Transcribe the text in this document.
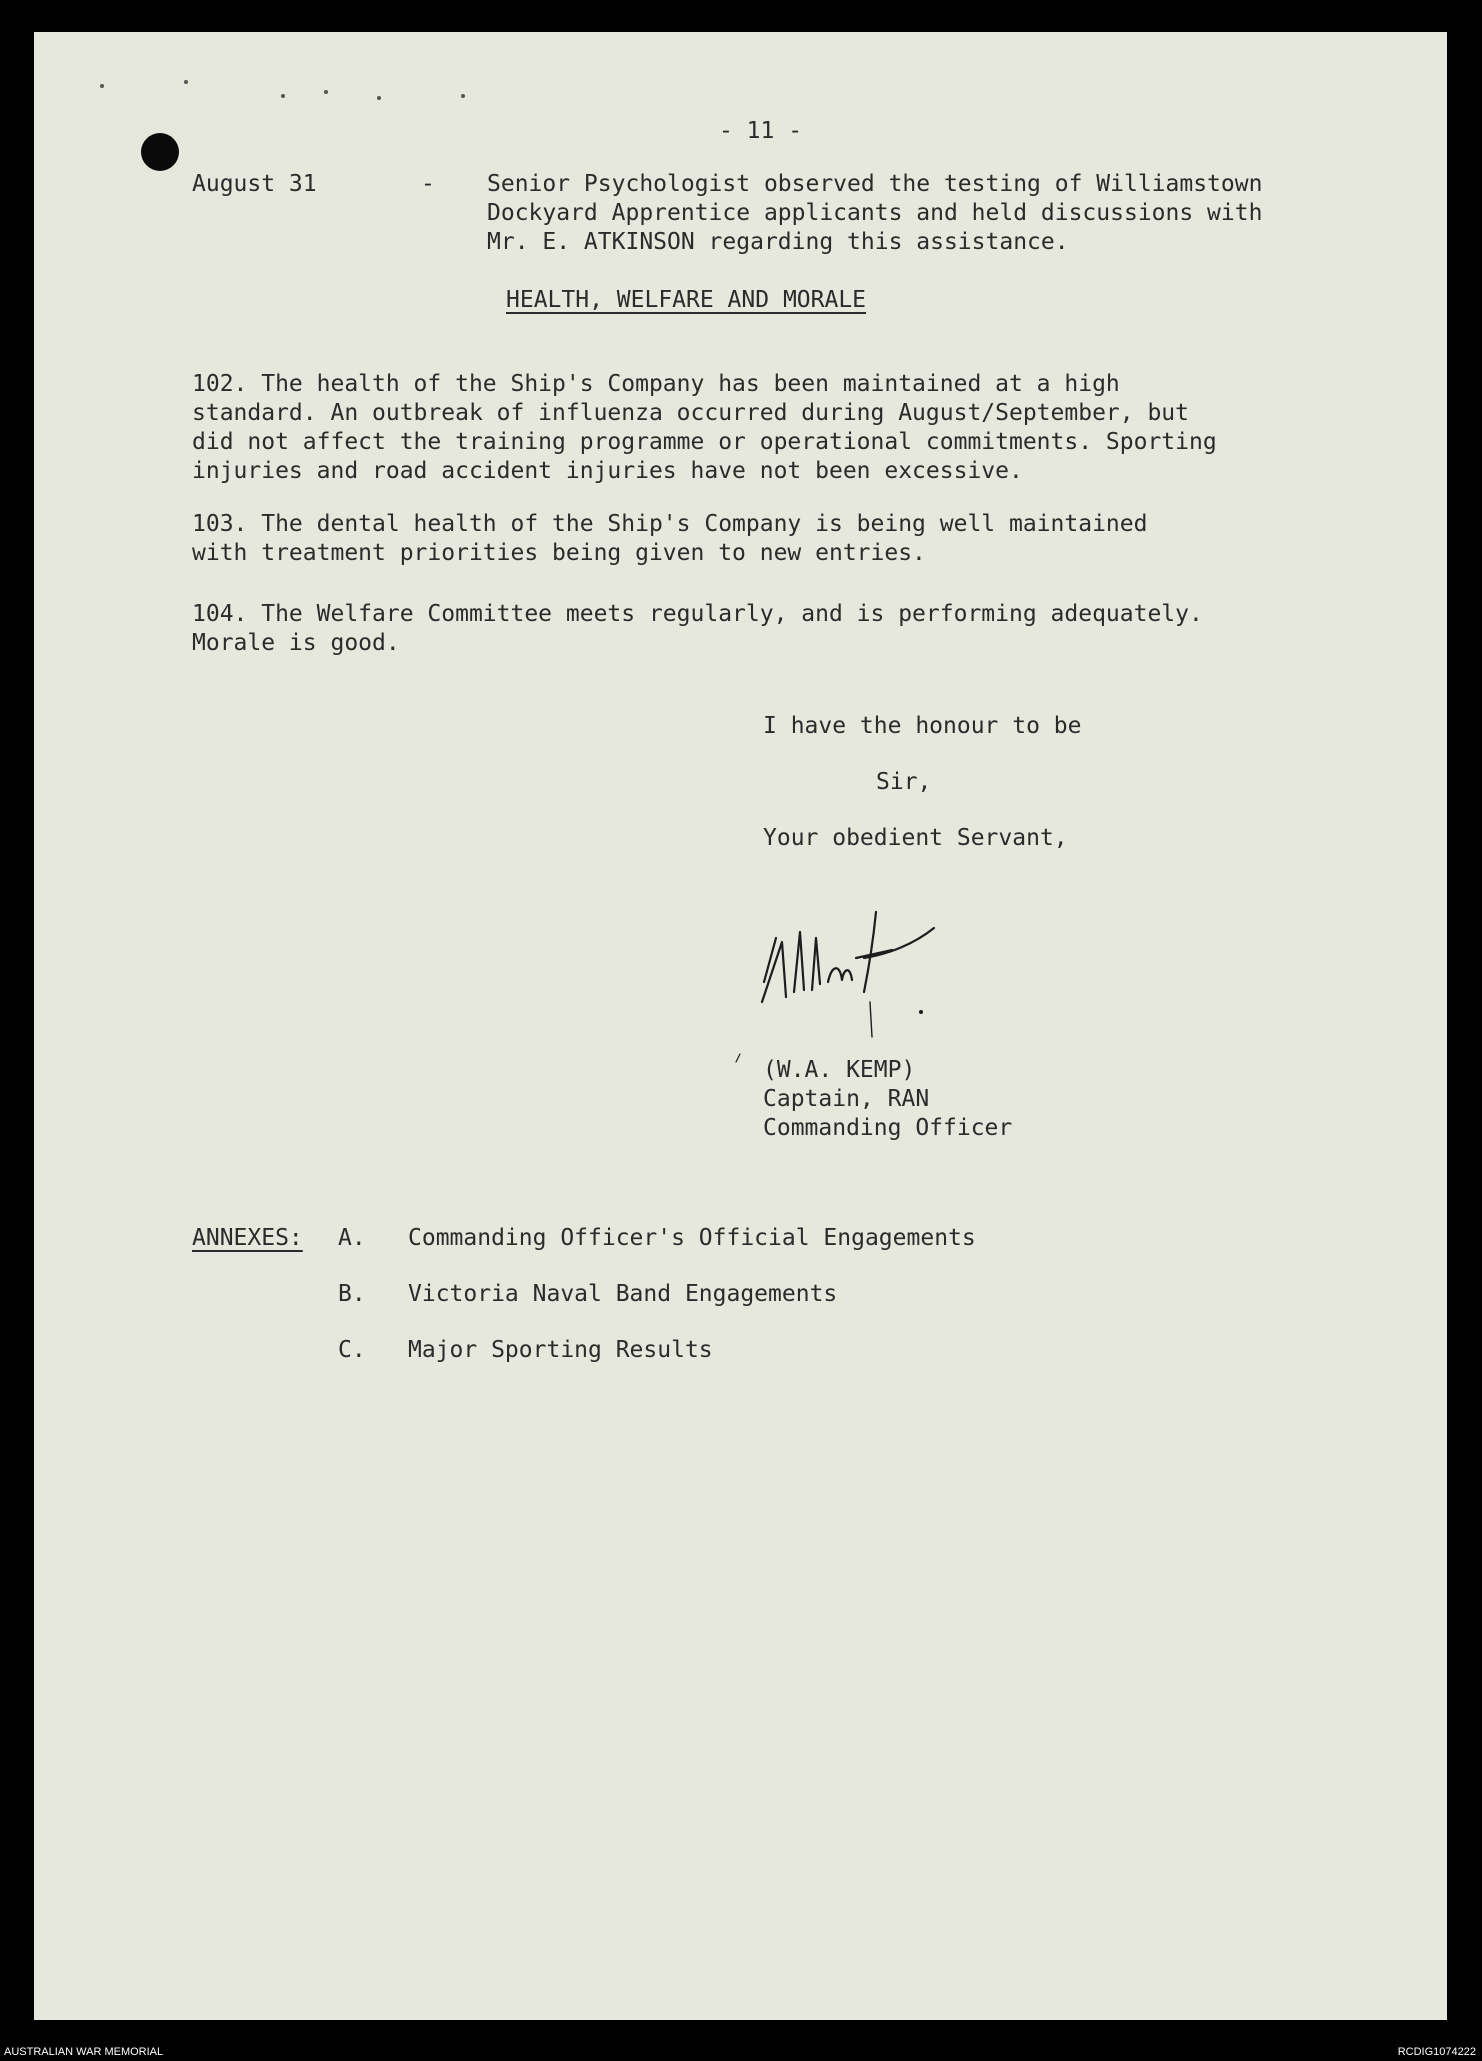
- 11 -
August 31	- Senior Psychologist observed the testing of Williamstown
Dockyard Apprentice applicants and held discussions with
Mr. E. ATKINSON regarding this assistance.
HEALTH, WELFARE AND MORALE
102. The health of the Ship's Company has been maintained at a high
standard. An outbreak of influenza occurred during August/September, but
did not affect the training programme or operational commitments. Sporting
injuries and road accident injuries have not been excessive.
103. The dental health of the Ship's Company is being well maintained
with treatment priorities being given to new entries.
104. The Welfare Committee meets regularly, and is performing adequately.
Morale is good.
I have the honour to be
Sir,
Your obedient Servant,
(W.A. KEMP)
Captain, RAN
Commanding Officer
ANNEXES: A. Commanding Officer's Official Engagements
B. Victoria Naval Band Engagements
C. Major Sporting Results
AUSTRALIAN WAR MEMORIAL	RCDIG1074222
